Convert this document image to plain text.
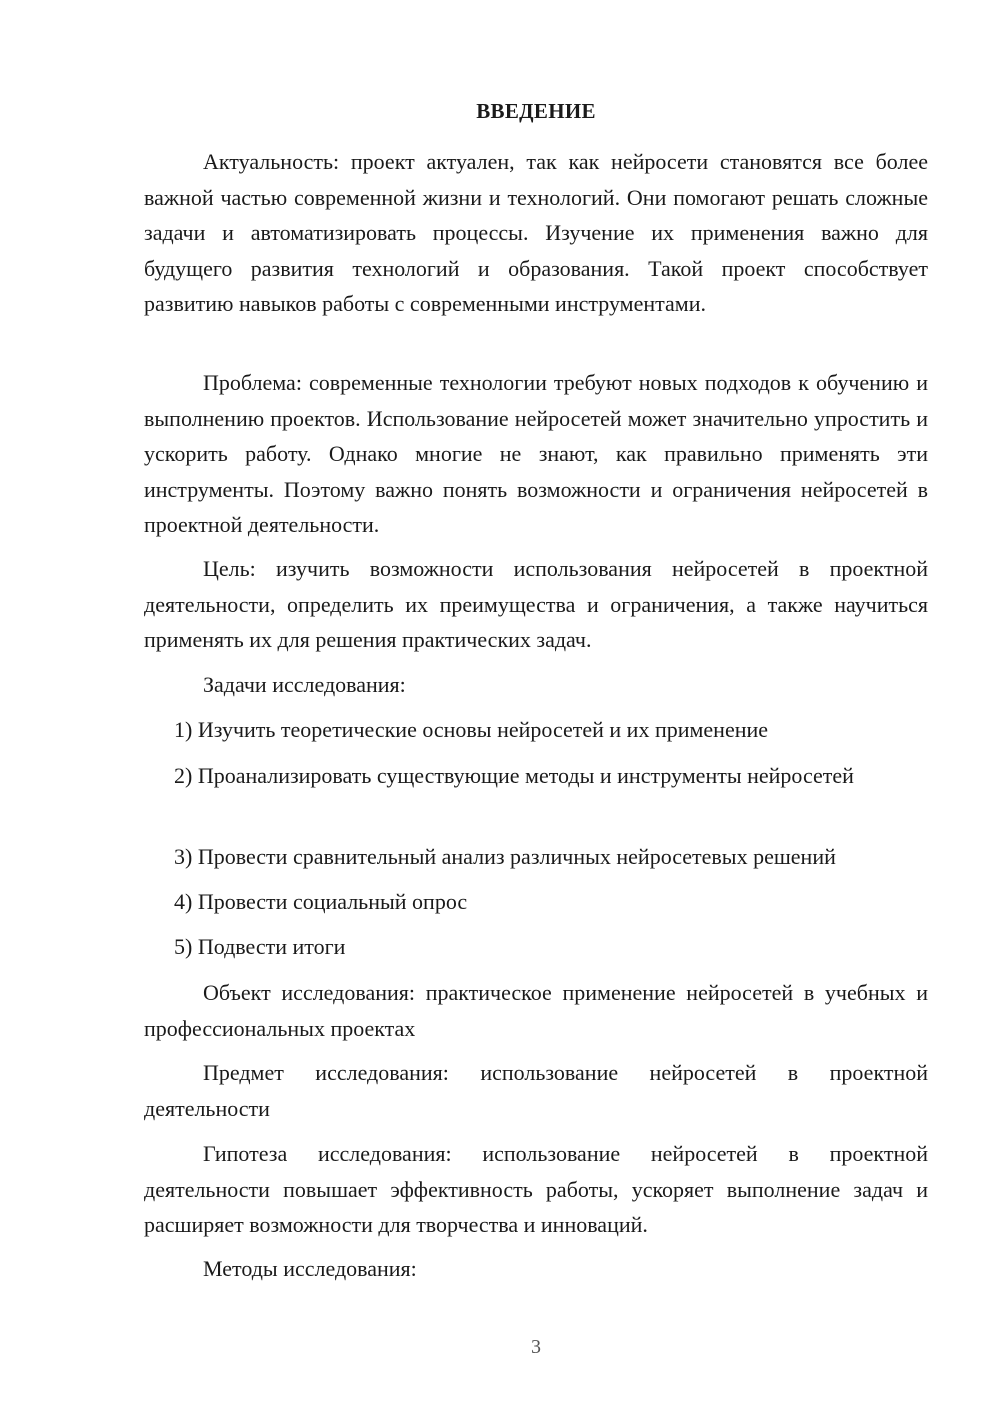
ВВЕДЕНИЕ

Актуальность: проект актуален, так как нейросети становятся все более важной частью современной жизни и технологий. Они помогают решать сложные задачи и автоматизировать процессы. Изучение их применения важно для будущего развития технологий и образования. Такой проект способствует развитию навыков работы с современными инструментами.

Проблема: современные технологии требуют новых подходов к обучению и выполнению проектов. Использование нейросетей может значительно упростить и ускорить работу. Однако многие не знают, как правильно применять эти инструменты. Поэтому важно понять возможности и ограничения нейросетей в проектной деятельности.

Цель: изучить возможности использования нейросетей в проектной деятельности, определить их преимущества и ограничения, а также научиться применять их для решения практических задач.

Задачи исследования:

1) Изучить теоретические основы нейросетей и их применение

2) Проанализировать существующие методы и инструменты нейросетей

3) Провести сравнительный анализ различных нейросетевых решений

4) Провести социальный опрос

5) Подвести итоги

Объект исследования: практическое применение нейросетей в учебных и профессиональных проектах

Предмет исследования: использование нейросетей в проектной деятельности

Гипотеза исследования: использование нейросетей в проектной деятельности повышает эффективность работы, ускоряет выполнение задач и расширяет возможности для творчества и инноваций.

Методы исследования:

3
